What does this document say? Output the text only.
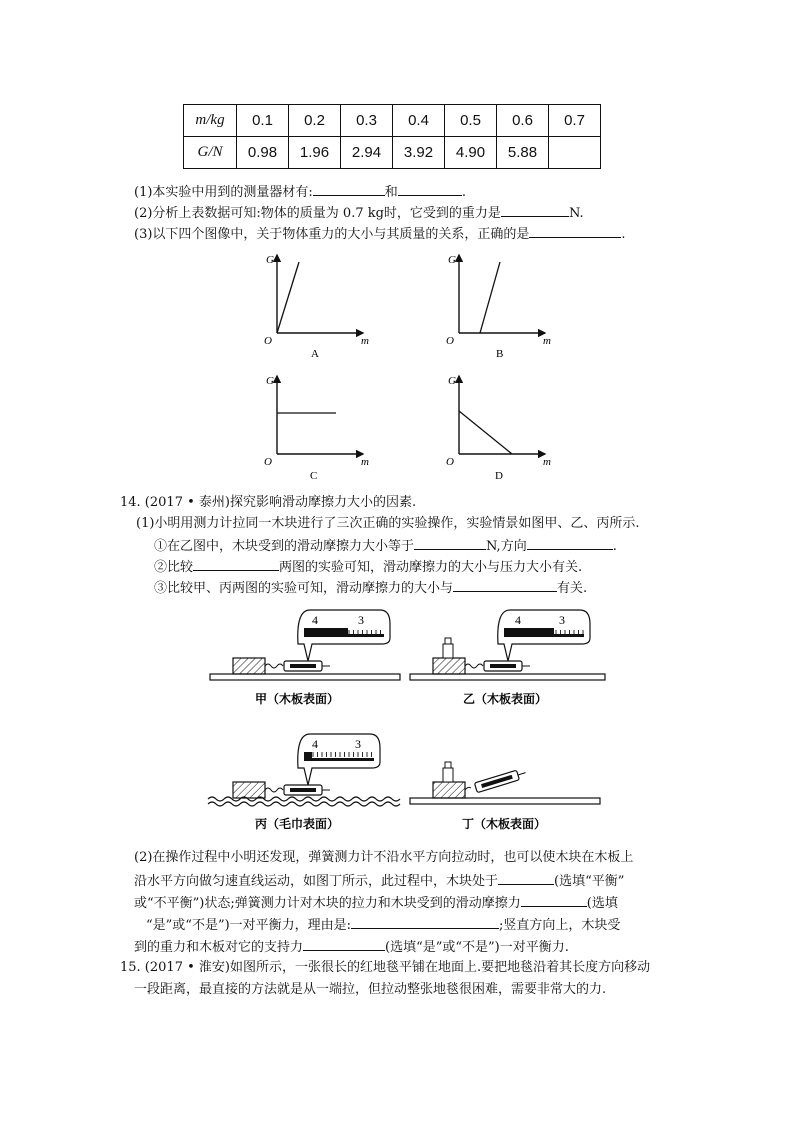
m/kg	0.1	0.2	0.3	0.4	0.5	0.6	0.7
G/N	0.98	1.96	2.94	3.92	4.90	5.88	
(1)本实验中用到的测量器材有:	和	.
(2)分析上表数据可知:物体的质量为 0.7 kg时，它受到的重力是	N.
(3)以下四个图像中，关于物体重力的大小与其质量的关系，正确的是	.
G
m
O
A
G
m
O
B
G
m
O
C
G
m
O
D
14. (2017 • 泰州)探究影响滑动摩擦力大小的因素.
(1)小明用测力计拉同一木块进行了三次正确的实验操作，实验情景如图甲、乙、丙所示.
①在乙图中，木块受到的滑动摩擦力大小等于	N,方向	.
②比较	两图的实验可知，滑动摩擦力的大小与压力大小有关.
③比较甲、丙两图的实验可知，滑动摩擦力的大小与	有关.
4	3
甲（木板表面）
4	3
乙（木板表面）
4	3
丙（毛巾表面）	丁（木板表面）
(2)在操作过程中小明还发现，弹簧测力计不沿水平方向拉动时，也可以使木块在木板上
沿水平方向做匀速直线运动，如图丁所示，此过程中，木块处于	(选填“平衡”
或“不平衡”)状态;弹簧测力计对木块的拉力和木块受到的滑动摩擦力	(选填
“是”或“不是”)一对平衡力，理由是:	;竖直方向上，木块受
到的重力和木板对它的支持力	(选填“是”或“不是”)一对平衡力.
15. (2017 • 淮安)如图所示，一张很长的红地毯平铺在地面上.要把地毯沿着其长度方向移动
一段距离，最直接的方法就是从一端拉，但拉动整张地毯很困难，需要非常大的力.
